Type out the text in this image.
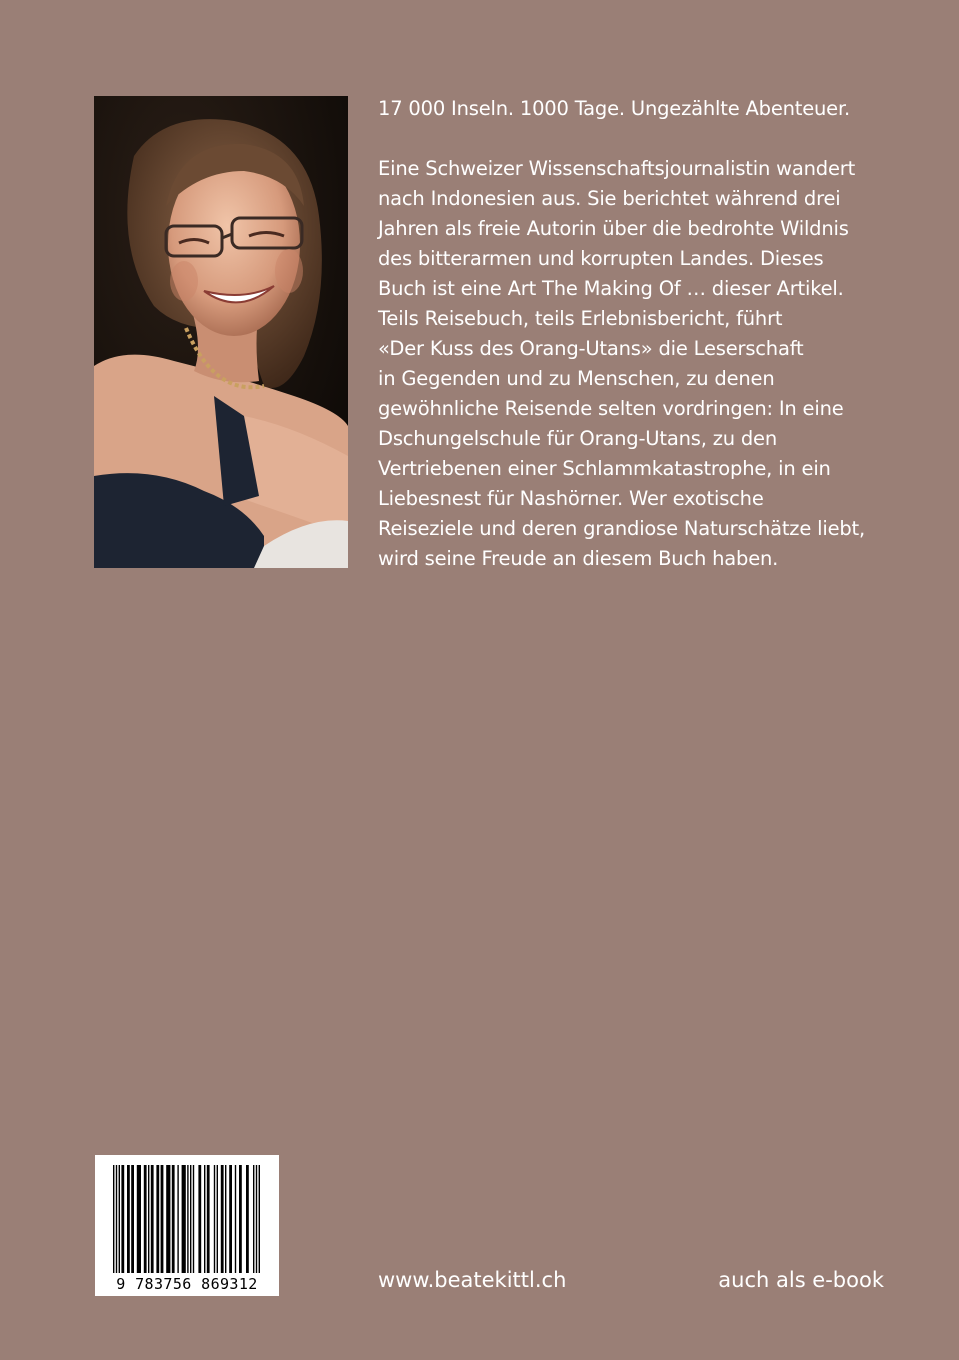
17 000 Inseln. 1000 Tage. Ungezählte Abenteuer.
Eine Schweizer Wissenschaftsjournalistin wandert
nach Indonesien aus. Sie berichtet während drei
Jahren als freie Autorin über die bedrohte Wildnis
des bitterarmen und korrupten Landes. Dieses
Buch ist eine Art The Making Of … dieser Artikel.
Teils Reisebuch, teils Erlebnisbericht, führt
«Der Kuss des Orang-Utans» die Leserschaft
in Gegenden und zu Menschen, zu denen
gewöhnliche Reisende selten vordringen: In eine
Dschungelschule für Orang-Utans, zu den
Vertriebenen einer Schlammkatastrophe, in ein
Liebesnest für Nashörner. Wer exotische
Reiseziele und deren grandiose Naturschätze liebt,
wird seine Freude an diesem Buch haben.
9 783756 869312	www.beatekittl.ch	auch als e-book
